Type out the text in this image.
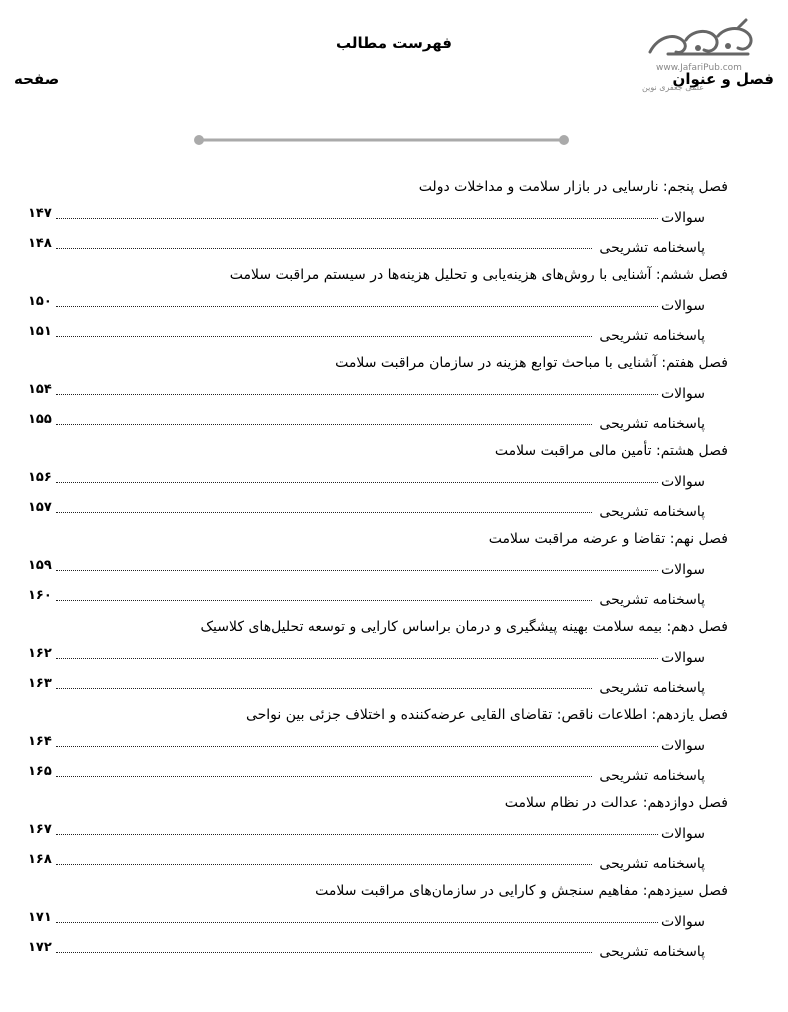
فهرست مطالب
صفحه
www.JafariPub.com
علمی جعفری نوین
فصل و عنوان
فصل پنجم: نارسایی در بازار سلامت و مداخلات دولت
سوالات
۱۴۷
پاسخنامه تشریحی
۱۴۸
فصل ششم: آشنایی با روش‌های هزینه‌یابی و تحلیل هزینه‌ها در سیستم مراقبت سلامت
سوالات
۱۵۰
پاسخنامه تشریحی
۱۵۱
فصل هفتم: آشنایی با مباحث توابع هزینه در سازمان مراقبت سلامت
سوالات
۱۵۴
پاسخنامه تشریحی
۱۵۵
فصل هشتم: تأمین مالی مراقبت سلامت
سوالات
۱۵۶
پاسخنامه تشریحی
۱۵۷
فصل نهم: تقاضا و عرضه مراقبت سلامت
سوالات
۱۵۹
پاسخنامه تشریحی
۱۶۰
فصل دهم: بیمه سلامت بهینه پیشگیری و درمان براساس کارایی و توسعه تحلیل‌های کلاسیک
سوالات
۱۶۲
پاسخنامه تشریحی
۱۶۳
فصل یازدهم: اطلاعات ناقص: تقاضای القایی عرضه‌کننده و اختلاف جزئی بین نواحی
سوالات
۱۶۴
پاسخنامه تشریحی
۱۶۵
فصل دوازدهم: عدالت در نظام سلامت
سوالات
۱۶۷
پاسخنامه تشریحی
۱۶۸
فصل سیزدهم: مفاهیم سنجش و کارایی در سازمان‌های مراقبت سلامت
سوالات
۱۷۱
پاسخنامه تشریحی
۱۷۲
